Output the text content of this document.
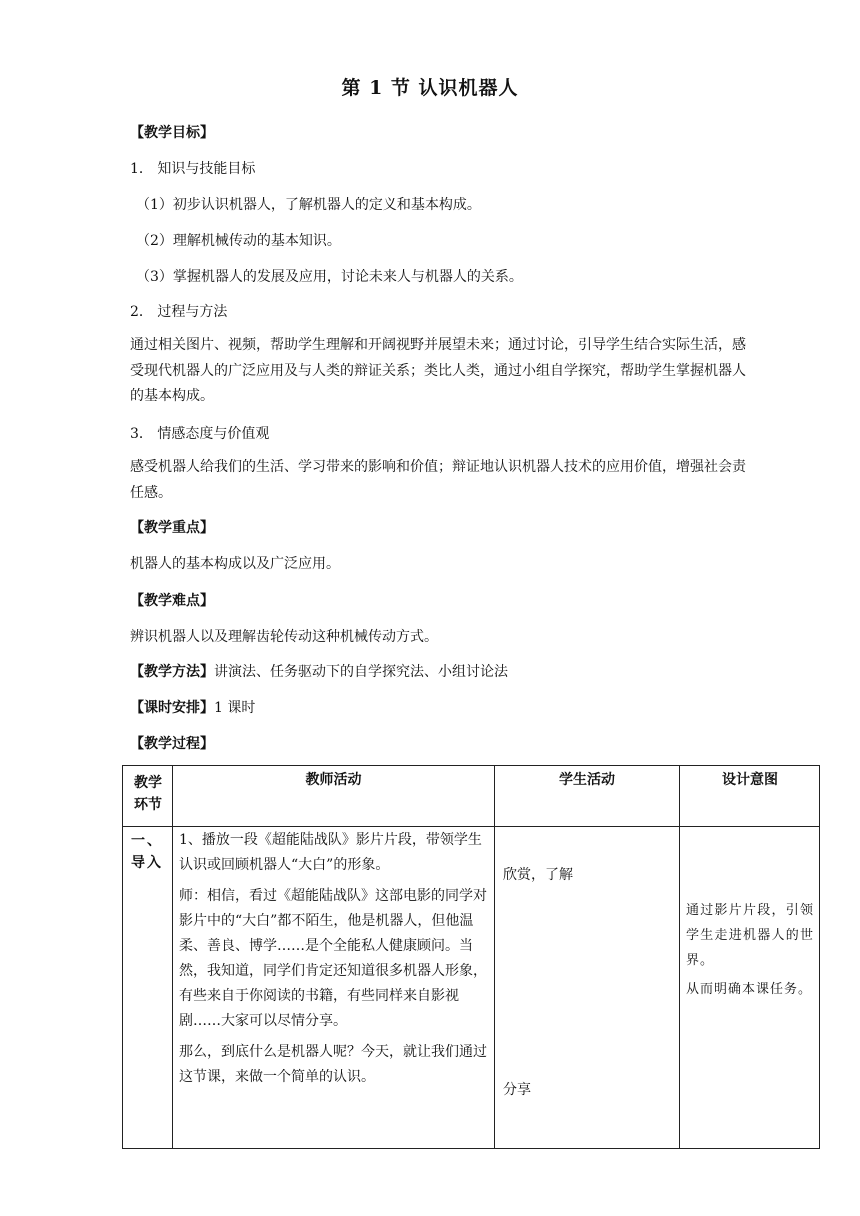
第 1 节 认识机器人
【教学目标】
1． 知识与技能目标
（1）初步认识机器人，了解机器人的定义和基本构成。
（2）理解机械传动的基本知识。
（3）掌握机器人的发展及应用，讨论未来人与机器人的关系。
2． 过程与方法
通过相关图片、视频，帮助学生理解和开阔视野并展望未来；通过讨论，引导学生结合实际生活，感受现代机器人的广泛应用及与人类的辩证关系；类比人类，通过小组自学探究，帮助学生掌握机器人的基本构成。
3． 情感态度与价值观
感受机器人给我们的生活、学习带来的影响和价值；辩证地认识机器人技术的应用价值，增强社会责任感。
【教学重点】
机器人的基本构成以及广泛应用。
【教学难点】
辨识机器人以及理解齿轮传动这种机械传动方式。
【教学方法】讲演法、任务驱动下的自学探究法、小组讨论法
【课时安排】1 课时
【教学过程】
教学环节
教师活动	学生活动	设计意图
一、导入

1、播放一段《超能陆战队》影片片段，带领学生认识或回顾机器人“大白”的形象。

师：相信，看过《超能陆战队》这部电影的同学对影片中的“大白”都不陌生，他是机器人，但他温柔、善良、博学……是个全能私人健康顾问。当然，我知道，同学们肯定还知道很多机器人形象，有些来自于你阅读的书籍，有些同样来自影视剧……大家可以尽情分享。

那么，到底什么是机器人呢？今天，就让我们通过这节课，来做一个简单的认识。

欣赏，了解
分享

通过影片片段，引领学生走进机器人的世界。

从而明确本课任务。
